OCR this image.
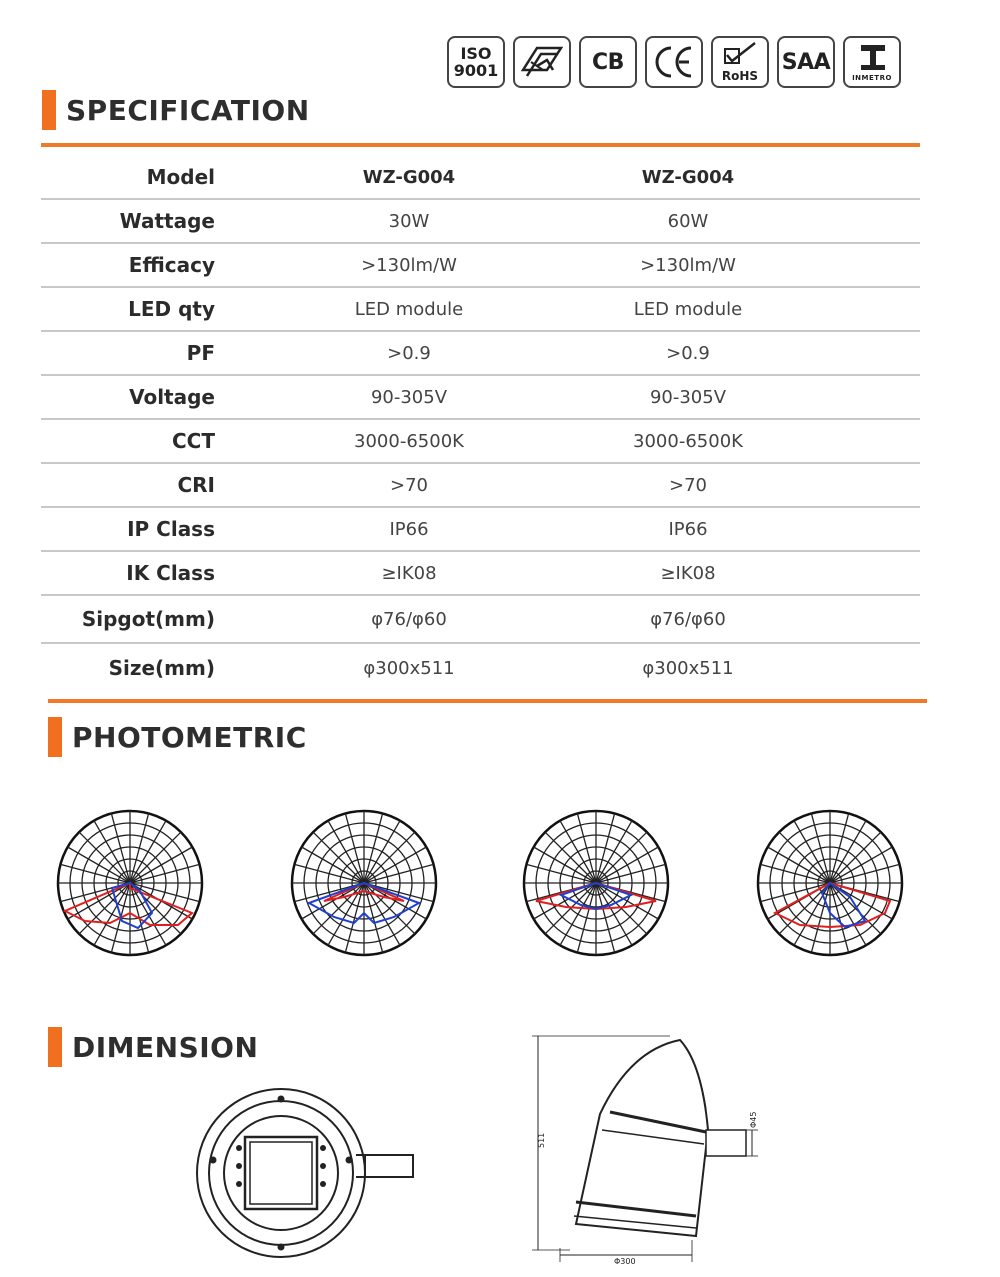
ISO
9001	CB
RoHS
SAA
INMETRO
SPECIFICATION
Model	WZ-G004	WZ-G004
Wattage	30W	60W
Efficacy	>130lm/W	>130lm/W
LED qty	LED module	LED module
PF	>0.9	>0.9
Voltage	90-305V	90-305V
CCT	3000-6500K	3000-6500K
CRI	>70	>70
IP Class	IP66	IP66
IK Class	≥IK08	≥IK08
Sipgot(mm)	φ76/φ60	φ76/φ60
Size(mm)	φ300x511	φ300x511
PHOTOMETRIC
DIMENSION
511
Φ45
Φ300
